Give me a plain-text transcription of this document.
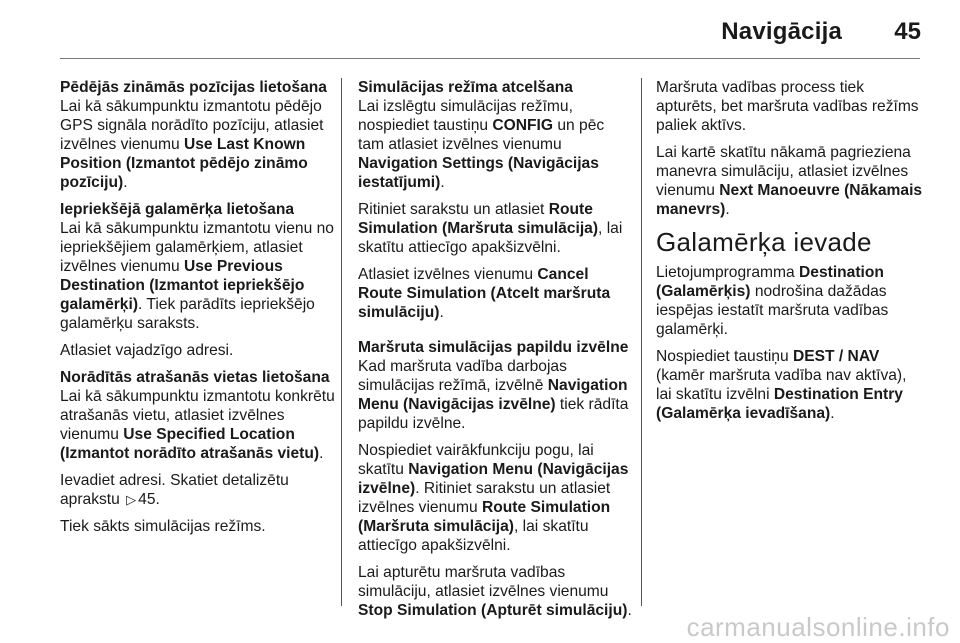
Navigācija	45
Pēdējās zināmās pozīcijas lietošana

Lai kā sākumpunktu izmantotu pēdējo GPS signāla norādīto pozīciju, atlasiet izvēlnes vienumu Use Last Known Position (Izmantot pēdējo zināmo pozīciju).

Iepriekšējā galamērķa lietošana

Lai kā sākumpunktu izmantotu vienu no iepriekšējiem galamērķiem, atlasiet izvēlnes vienumu Use Previous Destination (Izmantot iepriekšējo galamērķi). Tiek parādīts iepriekšējo galamērķu saraksts.

Atlasiet vajadzīgo adresi.

Norādītās atrašanās vietas lietošana

Lai kā sākumpunktu izmantotu konkrētu atrašanās vietu, atlasiet izvēlnes vienumu Use Specified Location (Izmantot norādīto atrašanās vietu).

Ievadiet adresi. Skatiet detalizētu aprakstu ▷ 45.

Tiek sākts simulācijas režīms.

Simulācijas režīma atcelšana

Lai izslēgtu simulācijas režīmu, nospiediet taustiņu CONFIG un pēc tam atlasiet izvēlnes vienumu Navigation Settings (Navigācijas iestatījumi).

Ritiniet sarakstu un atlasiet Route Simulation (Maršruta simulācija), lai skatītu attiecīgo apakšizvēlni.

Atlasiet izvēlnes vienumu Cancel Route Simulation (Atcelt maršruta simulāciju).

Maršruta simulācijas papildu izvēlne

Kad maršruta vadība darbojas simulācijas režīmā, izvēlnē Navigation Menu (Navigācijas izvēlne) tiek rādīta papildu izvēlne.

Nospiediet vairākfunkciju pogu, lai skatītu Navigation Menu (Navigācijas izvēlne). Ritiniet sarakstu un atlasiet izvēlnes vienumu Route Simulation (Maršruta simulācija), lai skatītu attiecīgo apakšizvēlni.

Lai apturētu maršruta vadības simulāciju, atlasiet izvēlnes vienumu Stop Simulation (Apturēt simulāciju).

Maršruta vadības process tiek apturēts, bet maršruta vadības režīms paliek aktīvs.

Lai kartē skatītu nākamā pagrieziena manevra simulāciju, atlasiet izvēlnes vienumu Next Manoeuvre (Nākamais manevrs).

Galamērķa ievade

Lietojumprogramma Destination (Galamērķis) nodrošina dažādas iespējas iestatīt maršruta vadības galamērķi.

Nospiediet taustiņu DEST / NAV (kamēr maršruta vadība nav aktīva), lai skatītu izvēlni Destination Entry (Galamērķa ievadīšana).

carmanualsonline.info
